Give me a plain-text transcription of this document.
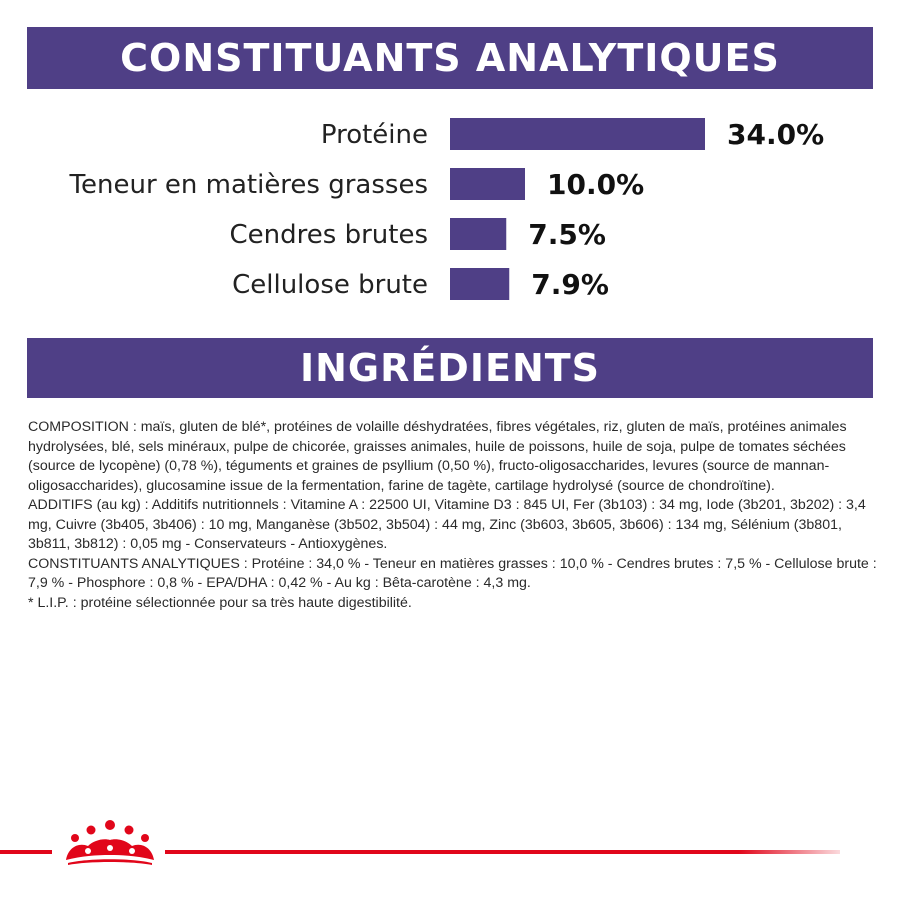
CONSTITUANTS ANALYTIQUES
Protéine	34.0%
Teneur en matières grasses	10.0%
Cendres brutes	7.5%
Cellulose brute	7.9%
INGRÉDIENTS

COMPOSITION : maïs, gluten de blé*, protéines de volaille déshydratées, fibres végétales, riz, gluten de maïs, protéines animales hydrolysées, blé, sels minéraux, pulpe de chicorée, graisses animales, huile de poissons, huile de soja, pulpe de tomates séchées (source de lycopène) (0,78 %), téguments et graines de psyllium (0,50 %), fructo-oligosaccharides, levures (source de mannan-oligosaccharides), glucosamine issue de la fermentation, farine de tagète, cartilage hydrolysé (source de chondroïtine).

ADDITIFS (au kg) : Additifs nutritionnels : Vitamine A : 22500 UI, Vitamine D3 : 845 UI, Fer (3b103) : 34 mg, Iode (3b201, 3b202) : 3,4 mg, Cuivre (3b405, 3b406) : 10 mg, Manganèse (3b502, 3b504) : 44 mg, Zinc (3b603, 3b605, 3b606) : 134 mg, Sélénium (3b801, 3b811, 3b812) : 0,05 mg - Conservateurs - Antioxygènes.

CONSTITUANTS ANALYTIQUES : Protéine : 34,0 % - Teneur en matières grasses : 10,0 % - Cendres brutes : 7,5 % - Cellulose brute : 7,9 % - Phosphore : 0,8 % - EPA/DHA : 0,42 % - Au kg : Bêta-carotène : 4,3 mg.

* L.I.P. : protéine sélectionnée pour sa très haute digestibilité.
